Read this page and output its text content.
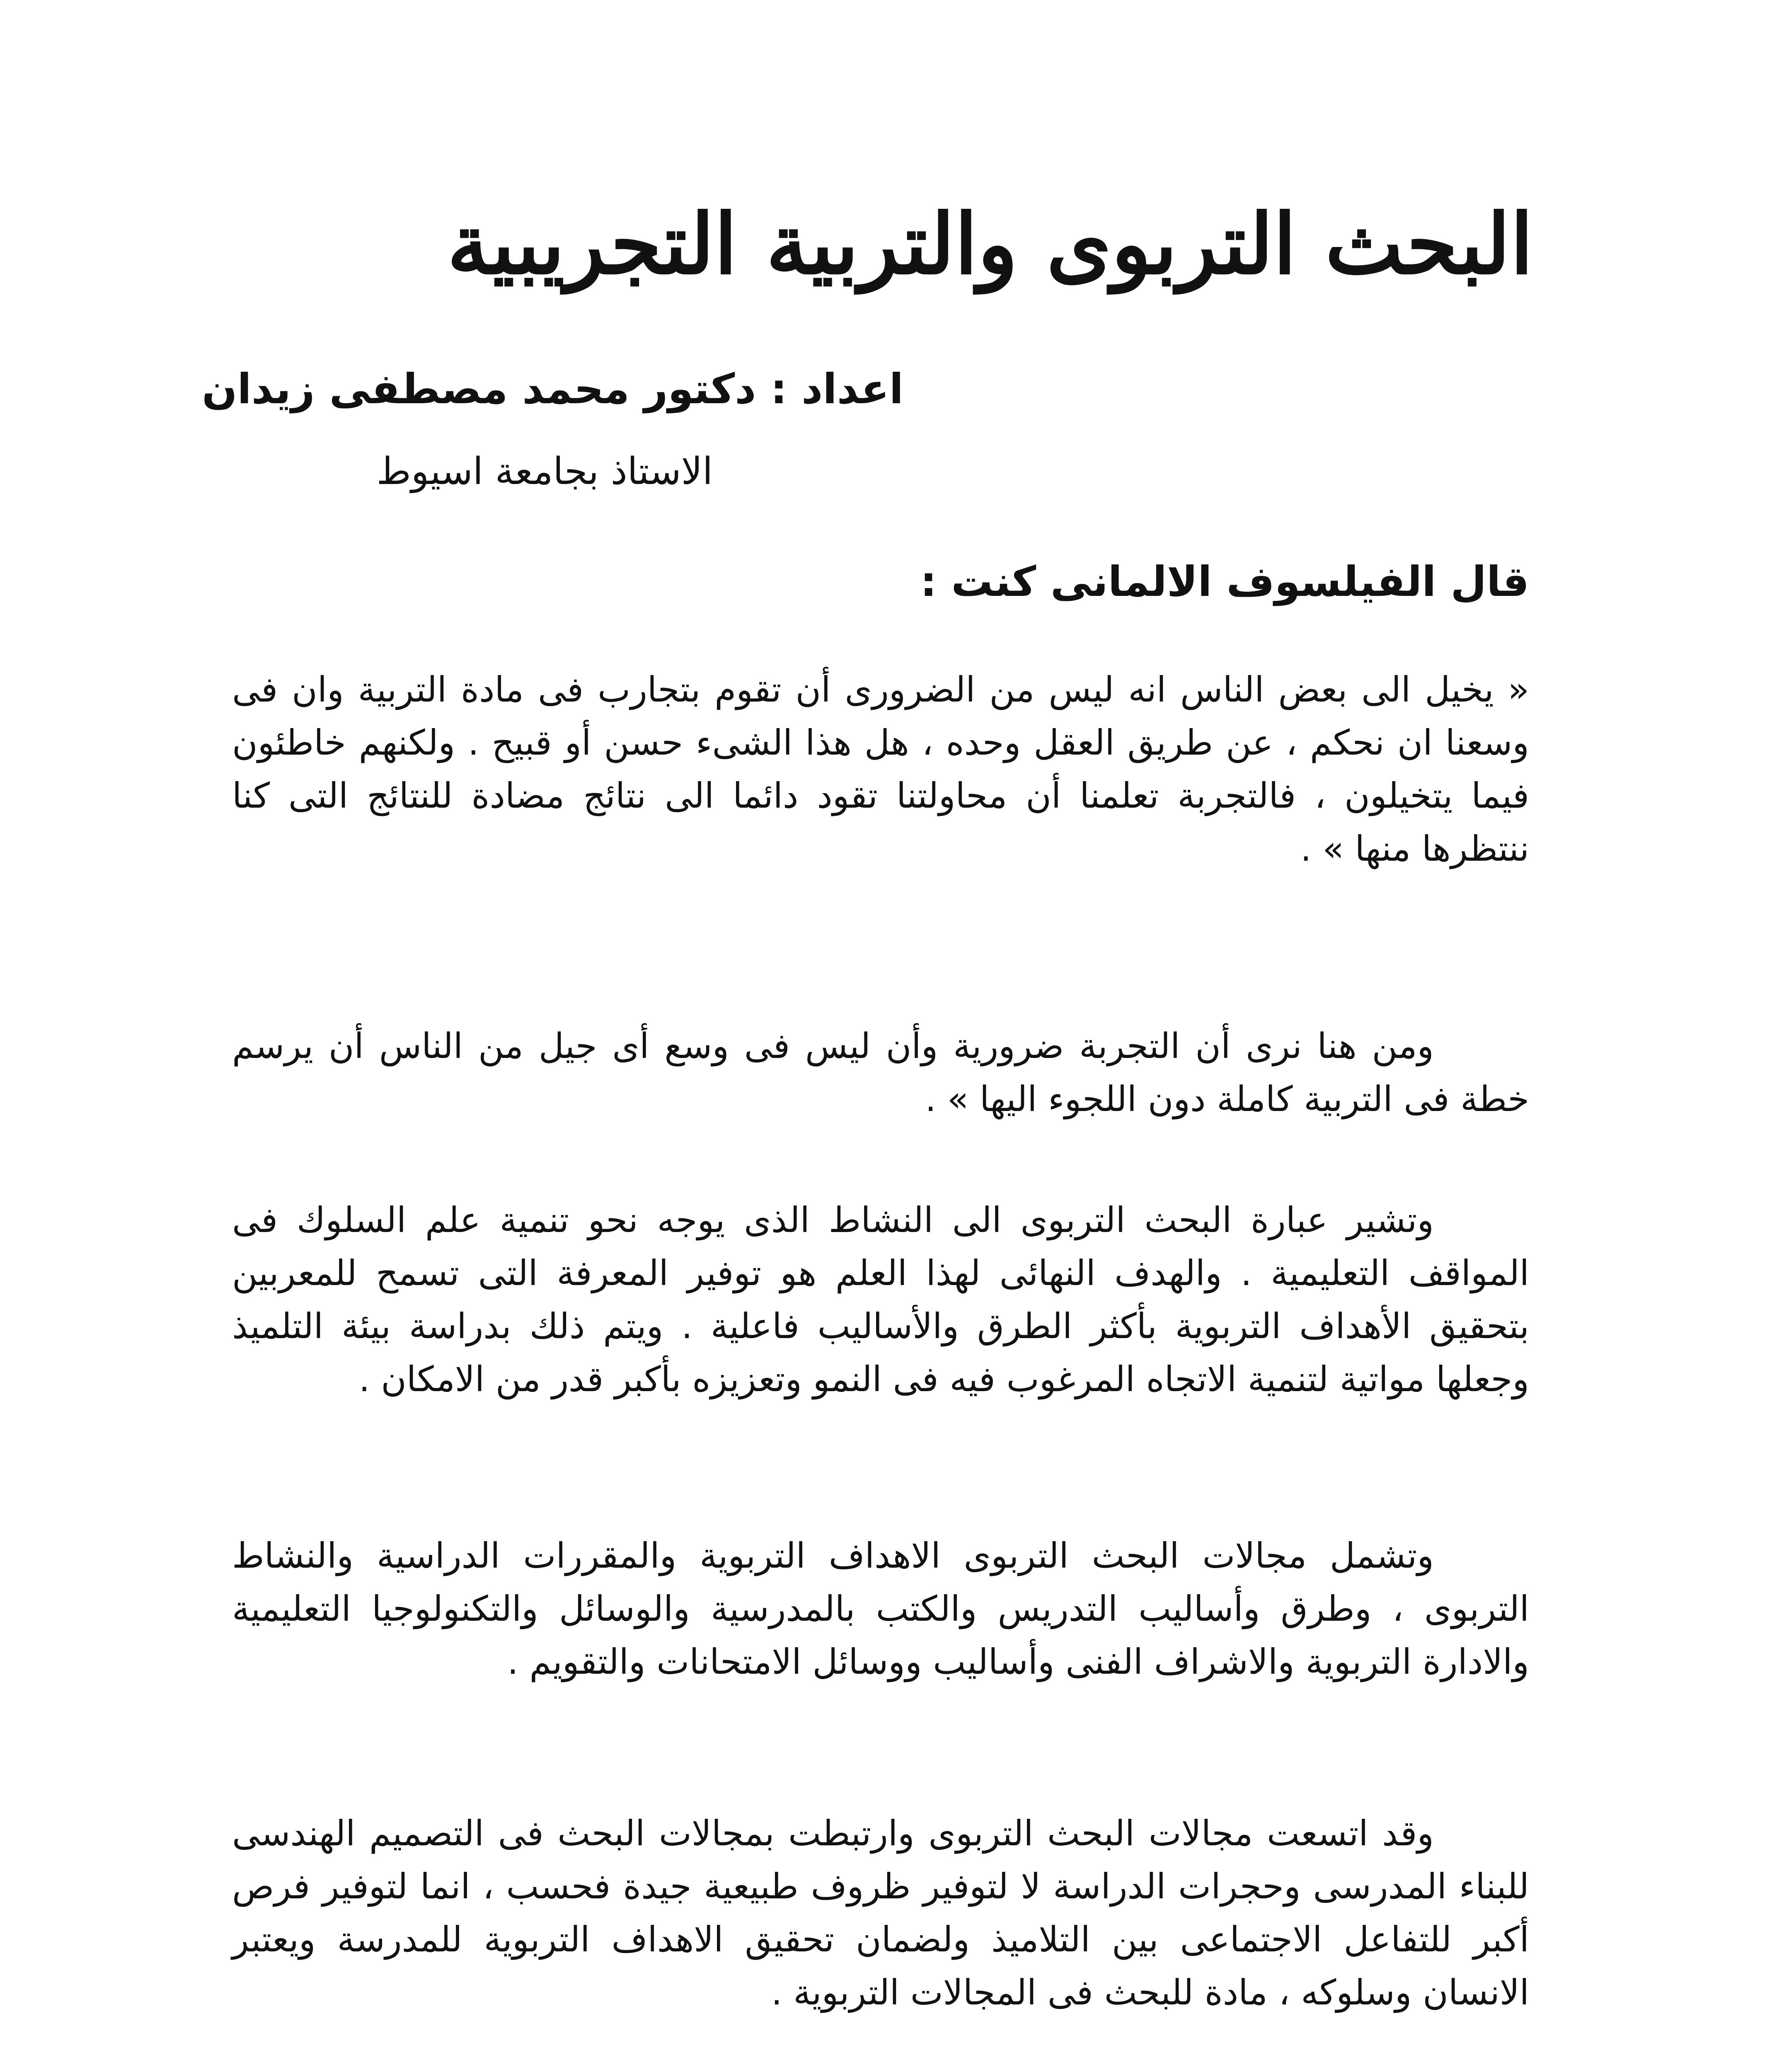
البحث التربوى والتربية التجريبية
اعداد : دكتور محمد مصطفى زيدان
الاستاذ بجامعة اسيوط
قال الفيلسوف الالمانى كنت :

« يخيل الى بعض الناس انه ليس من الضرورى أن تقوم بتجارب فى مادة التربية وان فى وسعنا ان نحكم ، عن طريق العقل وحده ، هل هذا الشىء حسن أو قبيح . ولكنهم خاطئون فيما يتخيلون ، فالتجربة تعلمنا أن محاولتنا تقود دائما الى نتائج مضادة للنتائج التى كنا ننتظرها منها » .

ومن هنا نرى أن التجربة ضرورية وأن ليس فى وسع أى جيل من الناس أن يرسم خطة فى التربية كاملة دون اللجوء اليها » .

وتشير عبارة البحث التربوى الى النشاط الذى يوجه نحو تنمية علم السلوك فى المواقف التعليمية . والهدف النهائى لهذا العلم هو توفير المعرفة التى تسمح للمعربين بتحقيق الأهداف التربوية بأكثر الطرق والأساليب فاعلية . ويتم ذلك بدراسة بيئة التلميذ وجعلها مواتية لتنمية الاتجاه المرغوب فيه فى النمو وتعزيزه بأكبر قدر من الامكان .

وتشمل مجالات البحث التربوى الاهداف التربوية والمقررات الدراسية والنشاط التربوى ، وطرق وأساليب التدريس والكتب بالمدرسية والوسائل والتكنولوجيا التعليمية والادارة التربوية والاشراف الفنى وأساليب ووسائل الامتحانات والتقويم .

وقد اتسعت مجالات البحث التربوى وارتبطت بمجالات البحث فى التصميم الهندسى للبناء المدرسى وحجرات الدراسة لا لتوفير ظروف طبيعية جيدة فحسب ، انما لتوفير فرص أكبر للتفاعل الاجتماعى بين التلاميذ ولضمان تحقيق الاهداف التربوية للمدرسة ويعتبر الانسان وسلوكه ، مادة للبحث فى المجالات التربوية .
